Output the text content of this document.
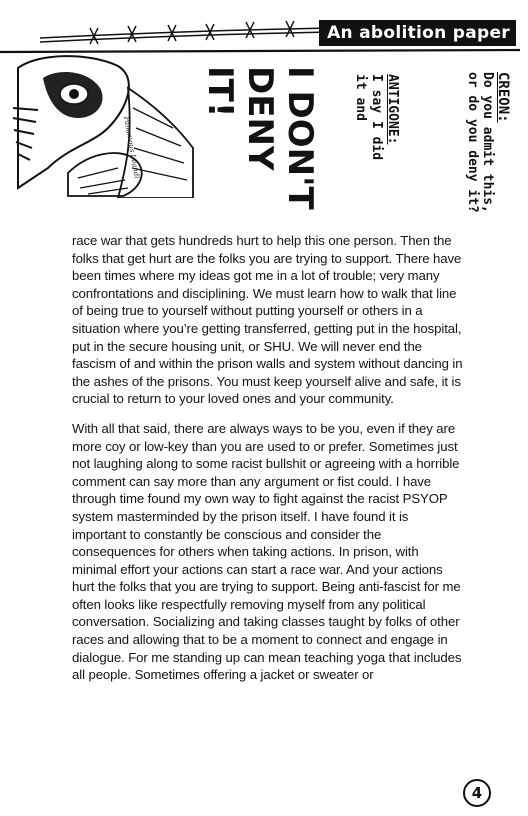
An abolition paper
Panamous Leandi
CREON:
Do you admit this,
or do you deny it?
ANTIGONE:
I say I did
it and
I DON'T
DENY
IT!

race war that gets hundreds hurt to help this one person. Then the folks that get hurt are the folks you are trying to support. There have been times where my ideas got me in a lot of trouble; very many confrontations and disciplining. We must learn how to walk that line of being true to yourself without putting yourself or others in a situation where you’re getting transferred, getting put in the hospital, put in the secure housing unit, or SHU. We will never end the fascism of and within the prison walls and system without dancing in the ashes of the prisons. You must keep yourself alive and safe, it is crucial to return to your loved ones and your community.

With all that said, there are always ways to be you, even if they are more coy or low-key than you are used to or prefer. Sometimes just not laughing along to some racist bullshit or agreeing with a horrible comment can say more than any argument or fist could. I have through time found my own way to fight against the racist PSYOP system masterminded by the prison itself. I have found it is important to constantly be conscious and consider the consequences for others when taking actions. In prison, with minimal effort your actions can start a race war. And your actions hurt the folks that you are trying to support. Being anti-fascist for me often looks like respectfully removing myself from any political conversation. Socializing and taking classes taught by folks of other races and allowing that to be a moment to connect and engage in dialogue. For me standing up can mean teaching yoga that includes all people. Sometimes offering a jacket or sweater or

4
